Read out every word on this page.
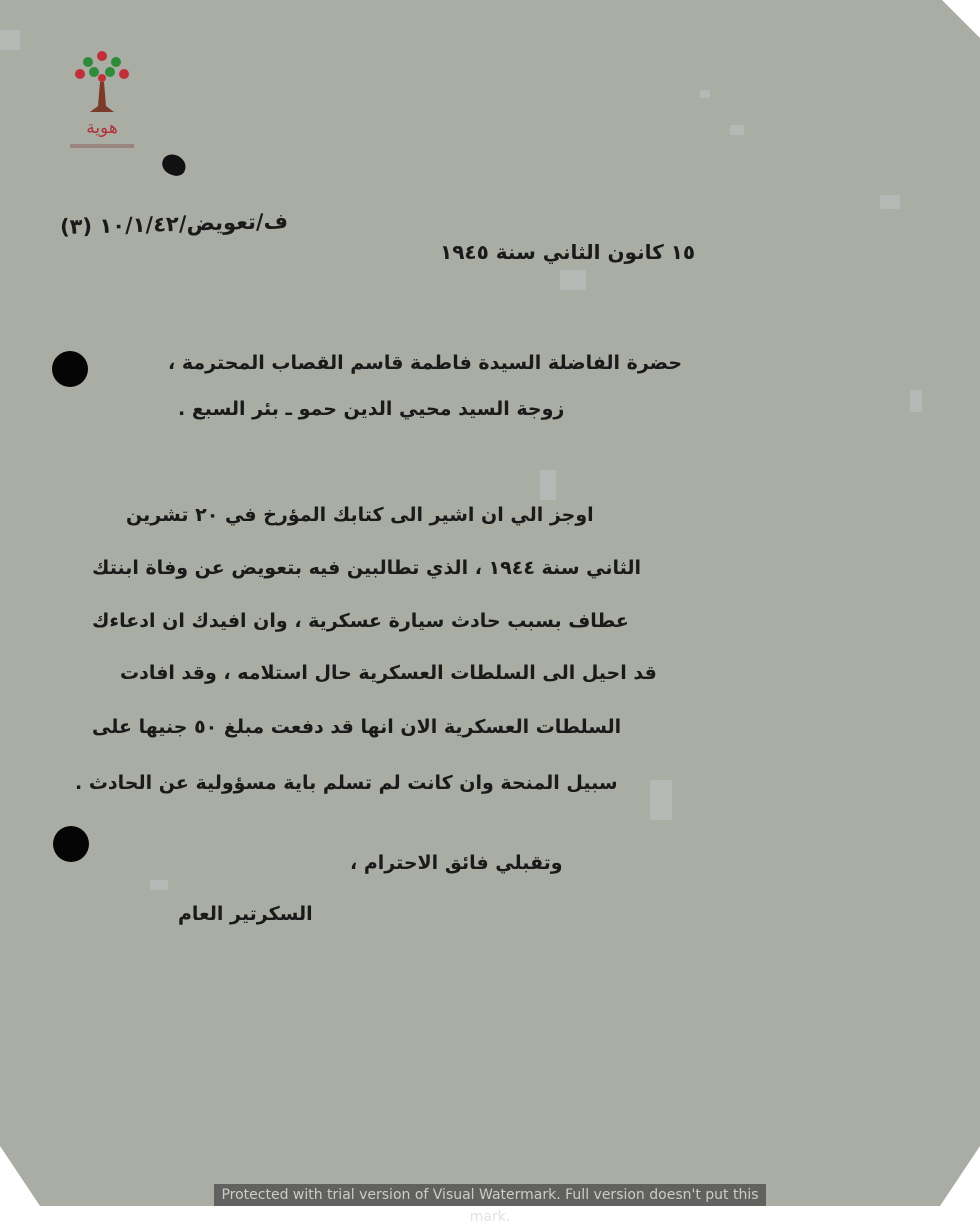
هوية
ف/تعويض/١٠/١/٤٢ (٣)
١٥ كانون الثاني سنة ١٩٤٥
حضرة الفاضلة السيدة فاطمة قاسم القصاب المحترمة ،
زوجة السيد محيي الدين حمو ـ بئر السبع .
اوجز الي ان اشير الى كتابك المؤرخ في ٢٠ تشرين
الثاني سنة ١٩٤٤ ، الذي تطالبين فيه بتعويض عن وفاة ابنتك
عطاف بسبب حادث سيارة عسكرية ، وان افيدك ان ادعاءك
قد احيل الى السلطات العسكرية حال استلامه ، وقد افادت
السلطات العسكرية الان انها قد دفعت مبلغ ٥٠ جنيها على
سبيل المنحة وان كانت لم تسلم باية مسؤولية عن الحادث .
وتقبلي فائق الاحترام ،
السكرتير العام
Protected with trial version of Visual Watermark. Full version doesn't put this mark.
